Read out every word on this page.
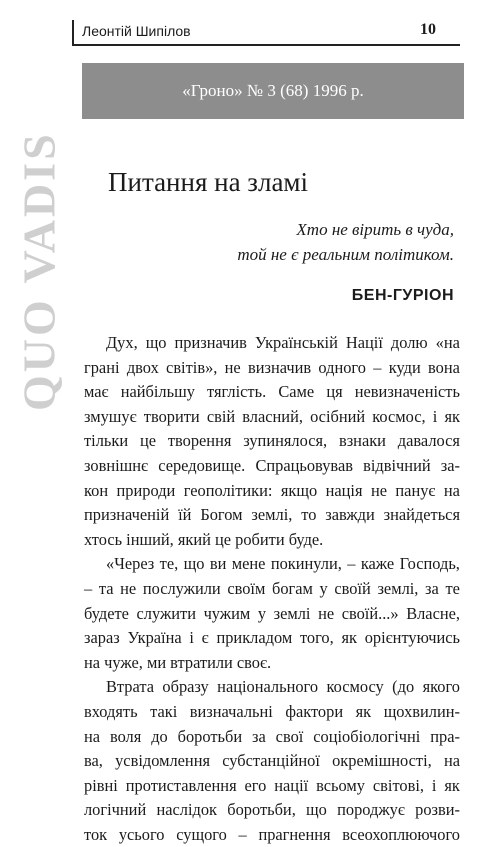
Леонтій Шипілов	10
QUO VADIS
«Гроно» № 3 (68) 1996 р.
Питання на зламі
Хто не вірить в чуда,
той не є реальним політиком.
БЕН-ГУРІОН
Дух, що призначив Українській Нації долю «на
грані двох світів», не визначив одного – куди вона
має найбільшу тяглість. Саме ця невизначеність
змушує творити свій власний, осібний космос, і як
тільки це творення зупинялося, взнаки давалося
зовнішнє середовище. Спрацьовував відвічний за-
кон природи геополітики: якщо нація не панує на
призначеній їй Богом землі, то завжди знайдеться
хтось інший, який це робити буде.
«Через те, що ви мене покинули, – каже Господь,
– та не послужили своїм богам у своїй землі, за те
будете служити чужим у землі не своїй...» Власне,
зараз Україна і є прикладом того, як орієнтуючись
на чуже, ми втратили своє.
Втрата образу національного космосу (до якого
входять такі визначальні фактори як щохвилин-
на воля до боротьби за свої соціобіологічні пра-
ва, усвідомлення субстанційної окремішності, на
рівні протиставлення его нації всьому світові, і як
логічний наслідок боротьби, що породжує розви-
ток усього сущого – прагнення всеохоплюючого
